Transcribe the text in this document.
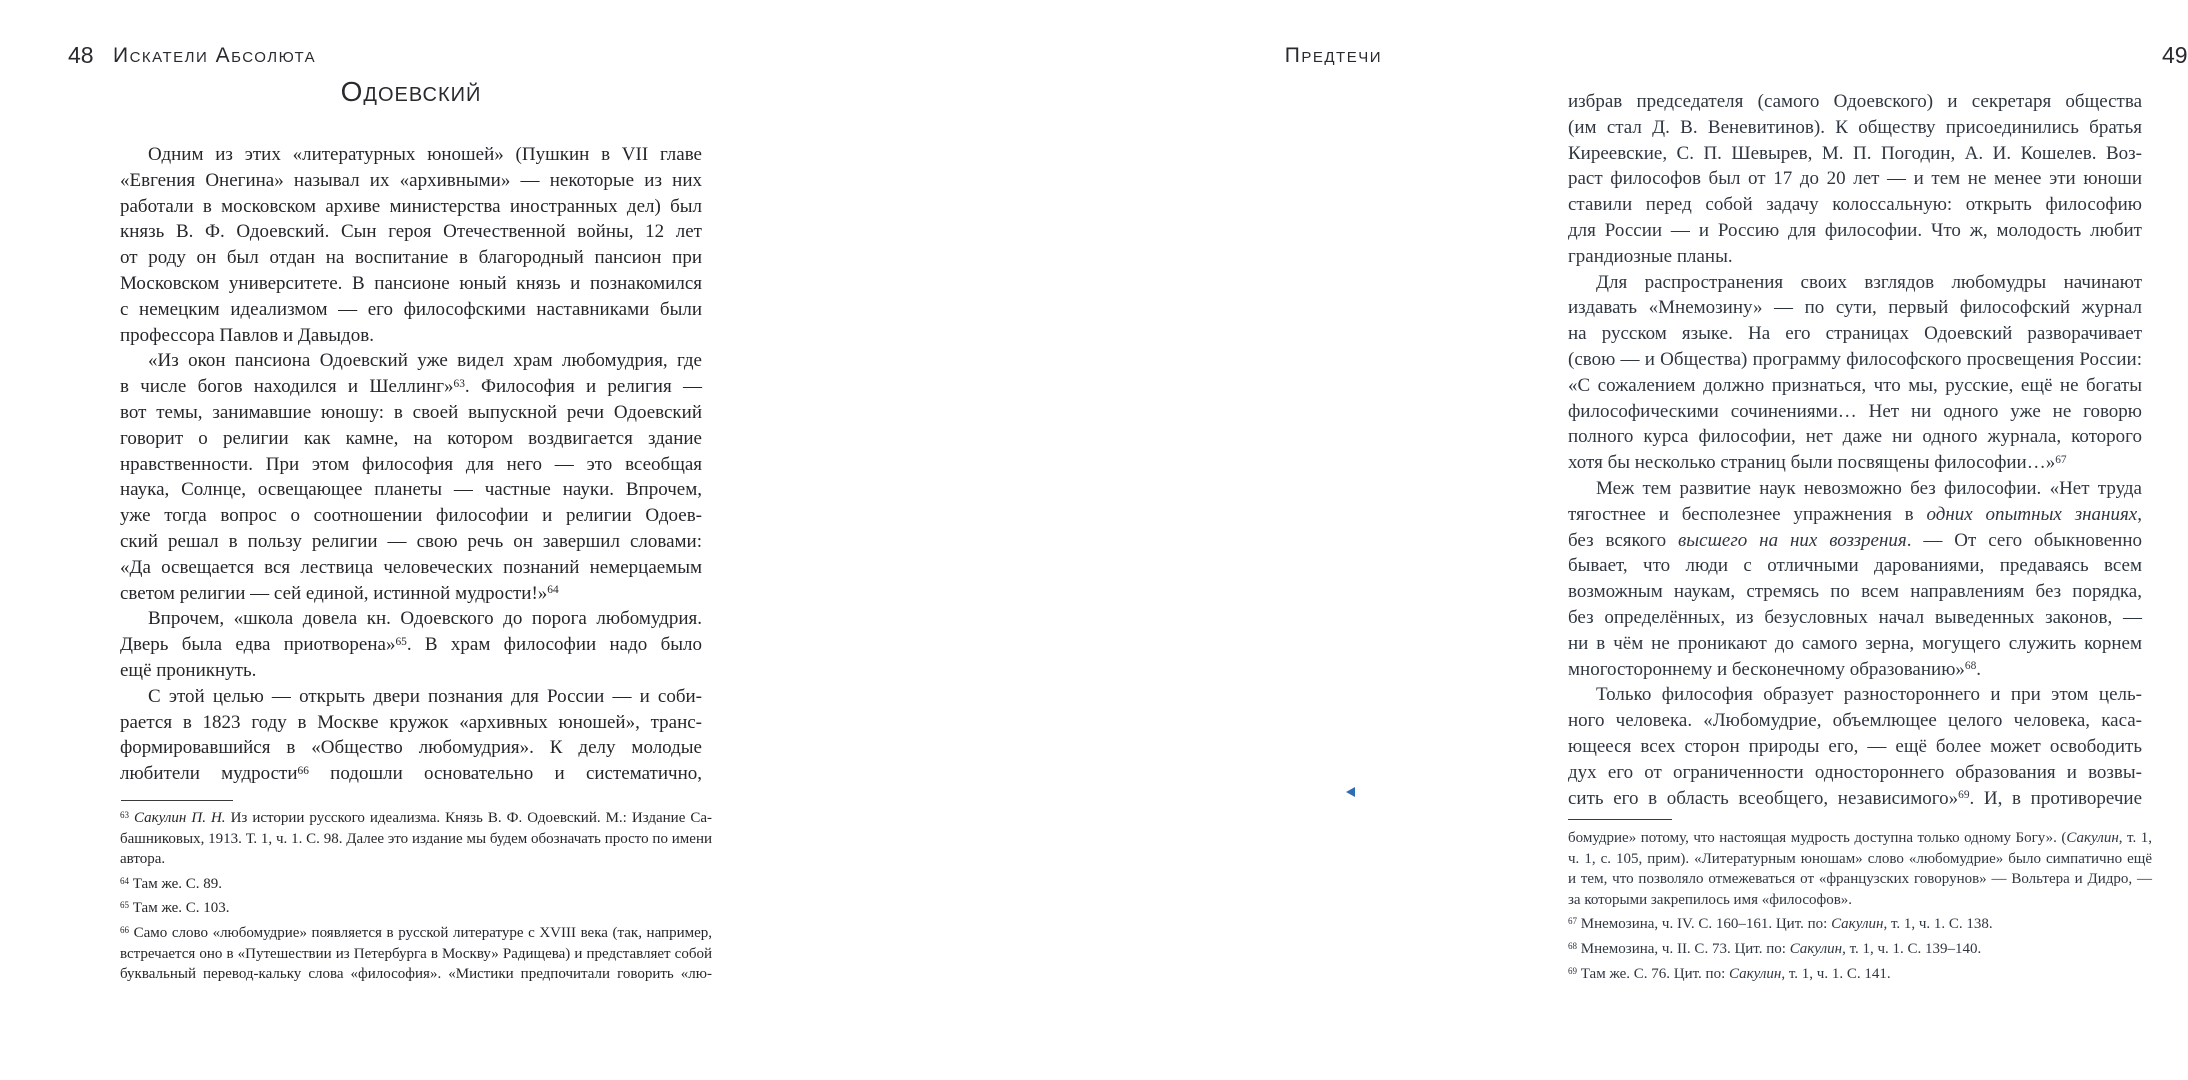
48 Искатели Абсолюта
Одоевский
Одним из этих «литературных юношей» (Пушкин в VII главе
«Евгения Онегина» называл их «архивными» — некоторые из них
работали в московском архиве министерства иностранных дел) был
князь В. Ф. Одоевский. Сын героя Отечественной войны, 12 лет
от роду он был отдан на воспитание в благородный пансион при
Московском университете. В пансионе юный князь и познакомился
с немецким идеализмом — его философскими наставниками были
профессора Павлов и Давыдов.
«Из окон пансиона Одоевский уже видел храм любомудрия, где
в числе богов находился и Шеллинг»$^{63}$. Философия и религия —
вот темы, занимавшие юношу: в своей выпускной речи Одоевский
говорит о религии как камне, на котором воздвигается здание
нравственности. При этом философия для него — это всеобщая
наука, Солнце, освещающее планеты — частные науки. Впрочем,
уже тогда вопрос о соотношении философии и религии Одоев-
ский решал в пользу религии — свою речь он завершил словами:
«Да освещается вся лествица человеческих познаний немерцаемым
светом религии — сей единой, истинной мудрости!»$^{64}$
Впрочем, «школа довела кн. Одоевского до порога любомудрия.
Дверь была едва приотворена»$^{65}$. В храм философии надо было
ещё проникнуть.
С этой целью — открыть двери познания для России — и соби-
рается в 1823 году в Москве кружок «архивных юношей», транс-
формировавшийся в «Общество любомудрия». К делу молодые
любители мудрости$^{66}$ подошли основательно и систематично,
$^{63}$ Сакулин П. Н. Из истории русского идеализма. Князь В. Ф. Одоевский. М.: Издание Са-
башниковых, 1913. Т. 1, ч. 1. С. 98. Далее это издание мы будем обозначать просто по имени
автора.
$^{64}$ Там же. С. 89.
$^{65}$ Там же. С. 103.
$^{66}$ Само слово «любомудрие» появляется в русской литературе с XVIII века (так, например,
встречается оно в «Путешествии из Петербурга в Москву» Радищева) и представляет собой
буквальный перевод-кальку слова «философия». «Мистики предпочитали говорить «лю-
Предтечи	49
избрав председателя (самого Одоевского) и секретаря общества
(им стал Д. В. Веневитинов). К обществу присоединились братья
Киреевские, С. П. Шевырев, М. П. Погодин, А. И. Кошелев. Воз-
раст философов был от 17 до 20 лет — и тем не менее эти юноши
ставили перед собой задачу колоссальную: открыть философию
для России — и Россию для философии. Что ж, молодость любит
грандиозные планы.
Для распространения своих взглядов любомудры начинают
издавать «Мнемозину» — по сути, первый философский журнал
на русском языке. На его страницах Одоевский разворачивает
(свою — и Общества) программу философского просвещения России:
«С сожалением должно признаться, что мы, русские, ещё не богаты
философическими сочинениями… Нет ни одного уже не говорю
полного курса философии, нет даже ни одного журнала, которого
хотя бы несколько страниц были посвящены философии…»$^{67}$
Меж тем развитие наук невозможно без философии. «Нет труда
тягостнее и бесполезнее упражнения в одних опытных знаниях,
без всякого высшего на них воззрения. — От сего обыкновенно
бывает, что люди с отличными дарованиями, предаваясь всем
возможным наукам, стремясь по всем направлениям без порядка,
без определённых, из безусловных начал выведенных законов, —
ни в чём не проникают до самого зерна, могущего служить корнем
многостороннему и бесконечному образованию»$^{68}$.
Только философия образует разностороннего и при этом цель-
ного человека. «Любомудрие, объемлющее целого человека, каса-
ющееся всех сторон природы его, — ещё более может освободить
дух его от ограниченности одностороннего образования и возвы-
сить его в область всеобщего, независимого»$^{69}$. И, в противоречие
бомудрие» потому, что настоящая мудрость доступна только одному Богу». (Сакулин, т. 1,
ч. 1, с. 105, прим). «Литературным юношам» слово «любомудрие» было симпатично ещё
и тем, что позволяло отмежеваться от «французских говорунов» — Вольтера и Дидро, —
за которыми закрепилось имя «философов».
$^{67}$ Мнемозина, ч. IV. С. 160–161. Цит. по: Сакулин, т. 1, ч. 1. С. 138.
$^{68}$ Мнемозина, ч. II. С. 73. Цит. по: Сакулин, т. 1, ч. 1. С. 139–140.
$^{69}$ Там же. С. 76. Цит. по: Сакулин, т. 1, ч. 1. С. 141.
